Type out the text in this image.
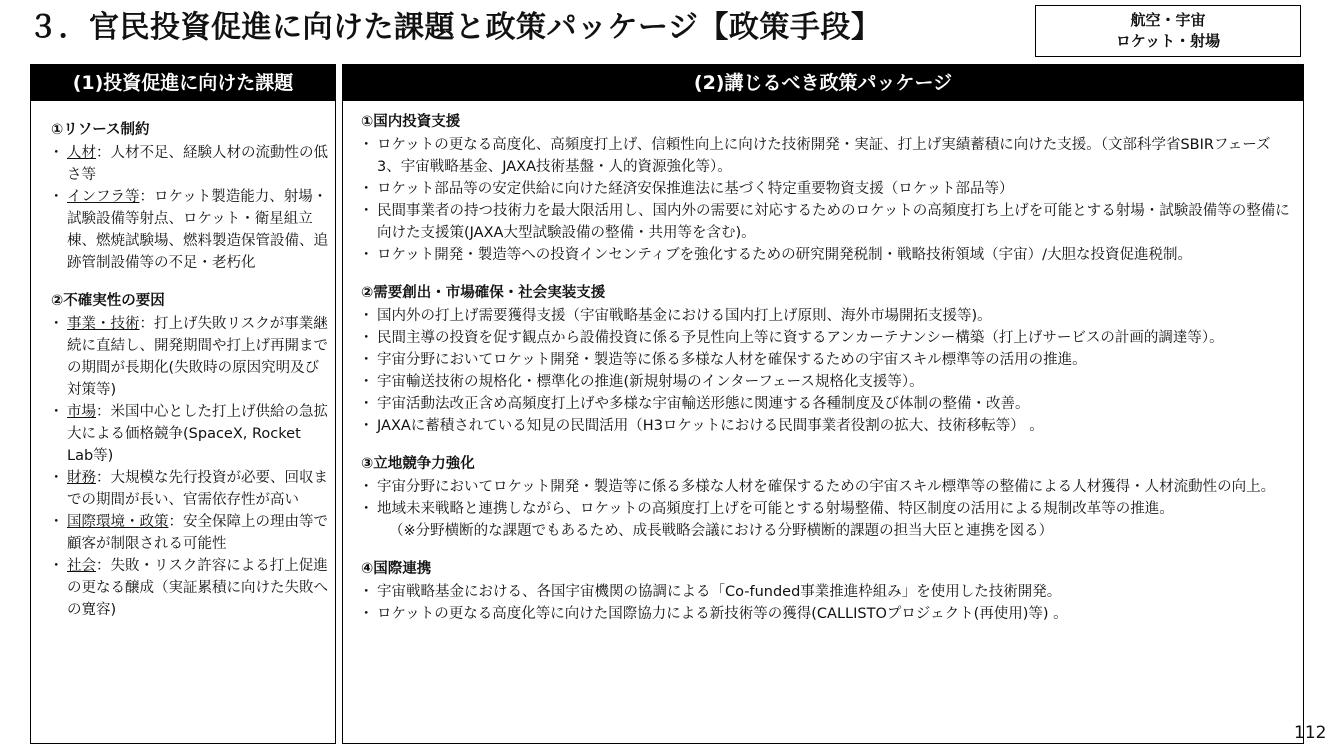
３．官民投資促進に向けた課題と政策パッケージ【政策手段】	航空・宇宙
ロケット・射場
(1)投資促進に向けた課題
①リソース制約
・ 人材：人材不足、経験人材の流動性の低さ等
・ インフラ等：ロケット製造能力、射場・試験設備等射点、ロケット・衛星組立棟、燃焼試験場、燃料製造保管設備、追跡管制設備等の不足・老朽化
②不確実性の要因
・ 事業・技術：打上げ失敗リスクが事業継続に直結し、開発期間や打上げ再開までの期間が長期化(失敗時の原因究明及び対策等)
・ 市場：米国中心とした打上げ供給の急拡大による価格競争(SpaceX, Rocket Lab等)
・ 財務：大規模な先行投資が必要、回収までの期間が長い、官需依存性が高い
・ 国際環境・政策：安全保障上の理由等で顧客が制限される可能性
・ 社会：失敗・リスク許容による打上促進の更なる醸成（実証累積に向けた失敗への寛容)
(2)講じるべき政策パッケージ
①国内投資支援
・ ロケットの更なる高度化、高頻度打上げ、信頼性向上に向けた技術開発・実証、打上げ実績蓄積に向けた支援。（文部科学省SBIRフェーズ3、宇宙戦略基金、JAXA技術基盤・人的資源強化等）。
・ ロケット部品等の安定供給に向けた経済安保推進法に基づく特定重要物資支援（ロケット部品等）
・ 民間事業者の持つ技術力を最大限活用し、国内外の需要に対応するためのロケットの高頻度打ち上げを可能とする射場・試験設備等の整備に向けた支援策(JAXA大型試験設備の整備・共用等を含む)。
・ ロケット開発・製造等への投資インセンティブを強化するための研究開発税制・戦略技術領域（宇宙）/大胆な投資促進税制。
②需要創出・市場確保・社会実装支援
・ 国内外の打上げ需要獲得支援（宇宙戦略基金における国内打上げ原則、海外市場開拓支援等)。
・ 民間主導の投資を促す観点から設備投資に係る予見性向上等に資するアンカーテナンシー構築（打上げサービスの計画的調達等）。
・ 宇宙分野においてロケット開発・製造等に係る多様な人材を確保するための宇宙スキル標準等の活用の推進。
・ 宇宙輸送技術の規格化・標準化の推進(新規射場のインターフェース規格化支援等）。
・ 宇宙活動法改正含め高頻度打上げや多様な宇宙輸送形態に関連する各種制度及び体制の整備・改善。
・ JAXAに蓄積されている知見の民間活用（H3ロケットにおける民間事業者役割の拡大、技術移転等） 。
③立地競争力強化
・ 宇宙分野においてロケット開発・製造等に係る多様な人材を確保するための宇宙スキル標準等の整備による人材獲得・人材流動性の向上。
・ 地域未来戦略と連携しながら、ロケットの高頻度打上げを可能とする射場整備、特区制度の活用による規制改革等の推進。
（※分野横断的な課題でもあるため、成長戦略会議における分野横断的課題の担当大臣と連携を図る）
④国際連携
・ 宇宙戦略基金における、各国宇宙機関の協調による「Co-funded事業推進枠組み」を使用した技術開発。
・ ロケットの更なる高度化等に向けた国際協力による新技術等の獲得(CALLISTOプロジェクト(再使用)等) 。
112
